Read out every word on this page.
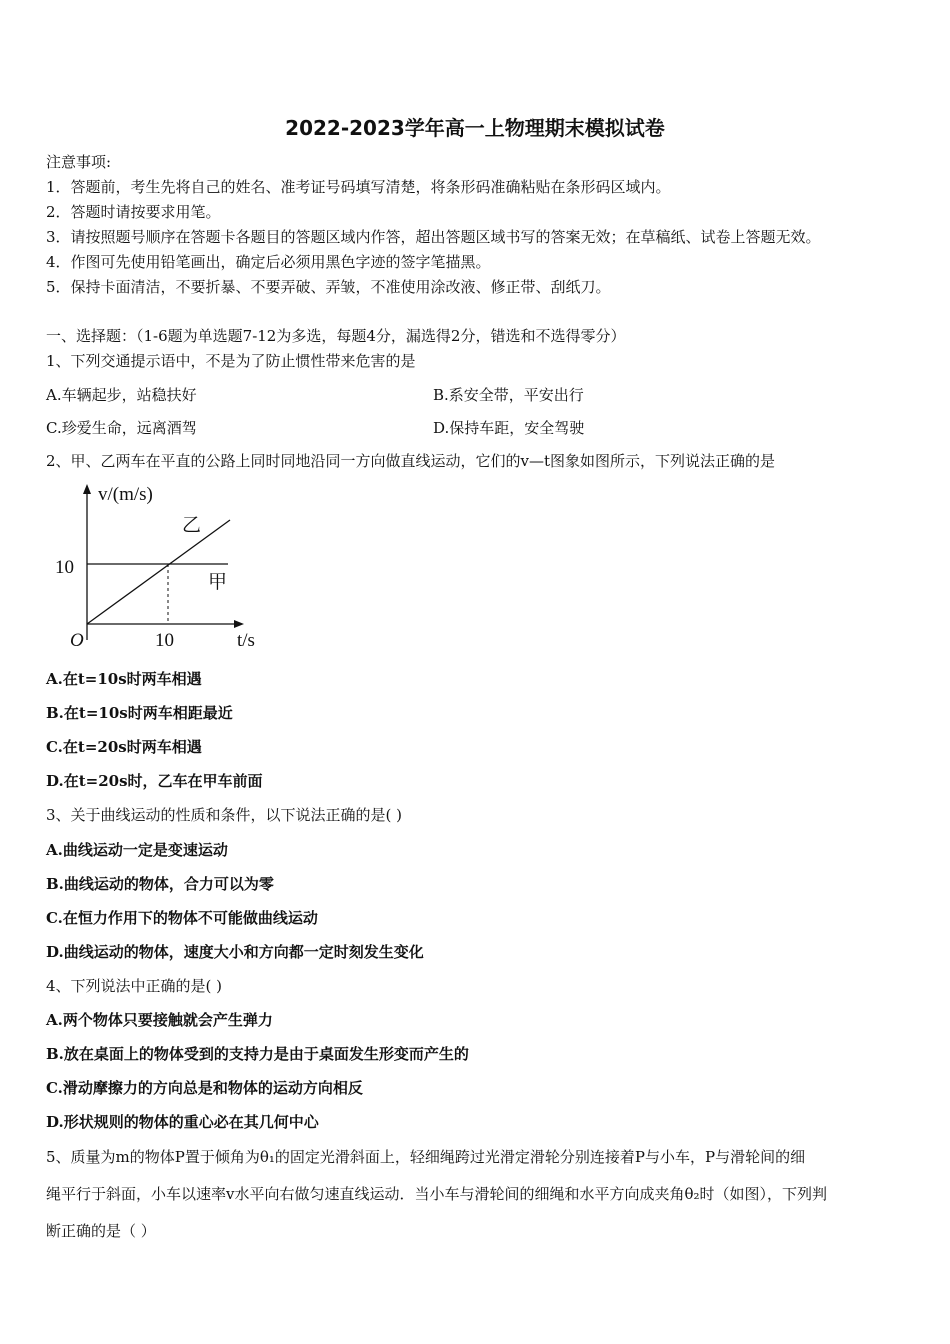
2022-2023学年高一上物理期末模拟试卷
注意事项:
1．答题前，考生先将自己的姓名、准考证号码填写清楚，将条形码准确粘贴在条形码区域内。
2．答题时请按要求用笔。
3．请按照题号顺序在答题卡各题目的答题区域内作答，超出答题区域书写的答案无效；在草稿纸、试卷上答题无效。
4．作图可先使用铅笔画出，确定后必须用黑色字迹的签字笔描黑。
5．保持卡面清洁，不要折暴、不要弄破、弄皱，不准使用涂改液、修正带、刮纸刀。
一、选择题：（1-6题为单选题7-12为多选，每题4分，漏选得2分，错选和不选得零分）
1、下列交通提示语中，不是为了防止惯性带来危害的是
A.车辆起步，站稳扶好	B.系安全带，平安出行
C.珍爱生命，远离酒驾	D.保持车距，安全驾驶
2、甲、乙两车在平直的公路上同时同地沿同一方向做直线运动，它们的v—t图象如图所示，下列说法正确的是
v/(m/s)
t/s
O
10
10
乙
甲
A.在t=10s时两车相遇
B.在t=10s时两车相距最近
C.在t=20s时两车相遇
D.在t=20s时，乙车在甲车前面
3、关于曲线运动的性质和条件，以下说法正确的是( )
A.曲线运动一定是变速运动
B.曲线运动的物体，合力可以为零
C.在恒力作用下的物体不可能做曲线运动
D.曲线运动的物体，速度大小和方向都一定时刻发生变化
4、下列说法中正确的是( )
A.两个物体只要接触就会产生弹力
B.放在桌面上的物体受到的支持力是由于桌面发生形变而产生的
C.滑动摩擦力的方向总是和物体的运动方向相反
D.形状规则的物体的重心必在其几何中心
5、质量为m的物体P置于倾角为θ₁的固定光滑斜面上，轻细绳跨过光滑定滑轮分别连接着P与小车，P与滑轮间的细
绳平行于斜面，小车以速率v水平向右做匀速直线运动．当小车与滑轮间的细绳和水平方向成夹角θ₂时（如图），下列判
断正确的是（ ）
